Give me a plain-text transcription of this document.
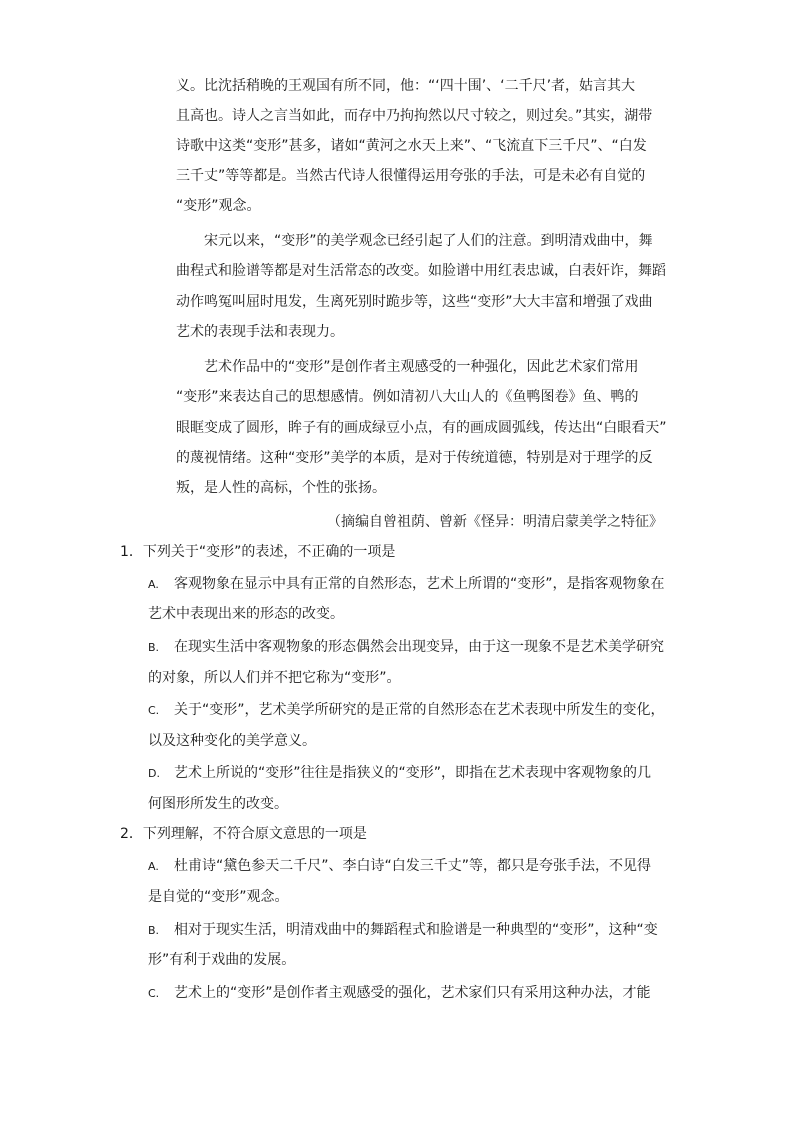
义。比沈括稍晚的王观国有所不同，他：“‘四十围’、‘二千尺’者，姑言其大
且高也。诗人之言当如此，而存中乃拘拘然以尺寸较之，则过矣。”其实，湖带
诗歌中这类“变形”甚多，诸如“黄河之水天上来”、“飞流直下三千尺”、“白发
三千丈”等等都是。当然古代诗人很懂得运用夸张的手法，可是未必有自觉的
“变形”观念。
宋元以来，“变形”的美学观念已经引起了人们的注意。到明清戏曲中，舞
曲程式和脸谱等都是对生活常态的改变。如脸谱中用红表忠诚，白表奸诈，舞蹈
动作鸣冤叫屈时甩发，生离死别时跪步等，这些“变形”大大丰富和增强了戏曲
艺术的表现手法和表现力。
艺术作品中的“变形”是创作者主观感受的一种强化，因此艺术家们常用
“变形”来表达自己的思想感情。例如清初八大山人的《鱼鸭图卷》鱼、鸭的
眼眶变成了圆形，眸子有的画成绿豆小点，有的画成圆弧线，传达出“白眼看天”
的蔑视情绪。这种“变形”美学的本质，是对于传统道德，特别是对于理学的反
叛，是人性的高标，个性的张扬。
（摘编自曾祖荫、曾新《怪异：明清启蒙美学之特征》
1．下列关于“变形”的表述，不正确的一项是
A. 客观物象在显示中具有正常的自然形态，艺术上所谓的“变形”，是指客观物象在
艺术中表现出来的形态的改变。
B. 在现实生活中客观物象的形态偶然会出现变异，由于这一现象不是艺术美学研究
的对象，所以人们并不把它称为“变形”。
C. 关于“变形”，艺术美学所研究的是正常的自然形态在艺术表现中所发生的变化，
以及这种变化的美学意义。
D. 艺术上所说的“变形”往往是指狭义的“变形”，即指在艺术表现中客观物象的几
何图形所发生的改变。
2．下列理解，不符合原文意思的一项是
A. 杜甫诗“黛色参天二千尺”、李白诗“白发三千丈”等，都只是夸张手法，不见得
是自觉的“变形”观念。
B. 相对于现实生活，明清戏曲中的舞蹈程式和脸谱是一种典型的“变形”，这种“变
形”有利于戏曲的发展。
C. 艺术上的“变形”是创作者主观感受的强化，艺术家们只有采用这种办法，才能
